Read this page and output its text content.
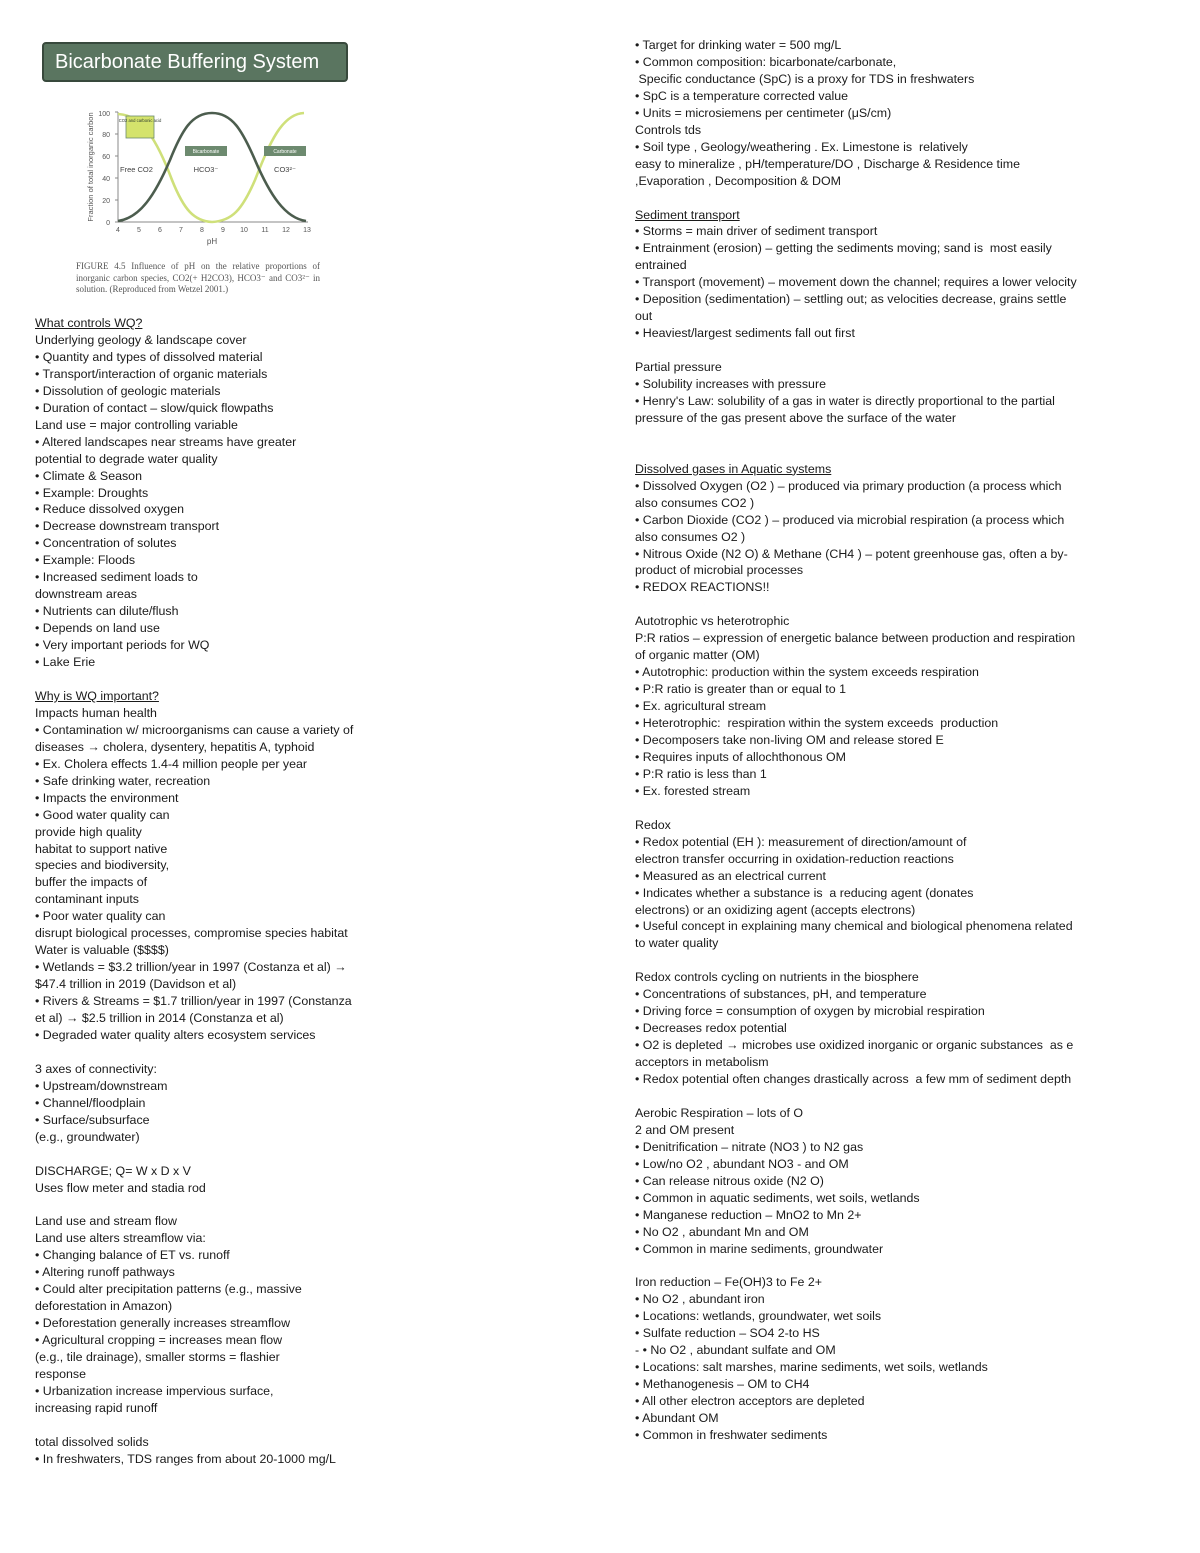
Bicarbonate Buffering System
0
20
40
60
80
100
4 5 6 7 8 9 10 11 12 13
pH
Fraction of total inorganic carbon	CO2 and carbonic acid
Bicarbonate	Carbonate
Free CO2	HCO3⁻	CO3²⁻
FIGURE 4.5 Influence of pH on the relative proportions of inorganic carbon species, CO2(+ H2CO3), HCO3⁻ and CO3²⁻ in solution. (Reproduced from Wetzel 2001.)
What controls WQ?
Underlying geology & landscape cover
• Quantity and types of dissolved material
• Transport/interaction of organic materials
• Dissolution of geologic materials
• Duration of contact – slow/quick flowpaths
Land use = major controlling variable
• Altered landscapes near streams have greater
potential to degrade water quality
• Climate & Season
• Example: Droughts
• Reduce dissolved oxygen
• Decrease downstream transport
• Concentration of solutes
• Example: Floods
• Increased sediment loads to
downstream areas
• Nutrients can dilute/flush
• Depends on land use
• Very important periods for WQ
• Lake Erie
Why is WQ important?
Impacts human health
• Contamination w/ microorganisms can cause a variety of
diseases → cholera, dysentery, hepatitis A, typhoid
• Ex. Cholera effects 1.4-4 million people per year
• Safe drinking water, recreation
• Impacts the environment
• Good water quality can
provide high quality
habitat to support native
species and biodiversity,
buffer the impacts of
contaminant inputs
• Poor water quality can
disrupt biological processes, compromise species habitat
Water is valuable ($$$$)
• Wetlands = $3.2 trillion/year in 1997 (Costanza et al) →
$47.4 trillion in 2019 (Davidson et al)
• Rivers & Streams = $1.7 trillion/year in 1997 (Constanza
et al) → $2.5 trillion in 2014 (Constanza et al)
• Degraded water quality alters ecosystem services
3 axes of connectivity:
• Upstream/downstream
• Channel/floodplain
• Surface/subsurface
(e.g., groundwater)
DISCHARGE; Q= W x D x V
Uses flow meter and stadia rod
Land use and stream flow
Land use alters streamflow via:
• Changing balance of ET vs. runoff
• Altering runoff pathways
• Could alter precipitation patterns (e.g., massive
deforestation in Amazon)
• Deforestation generally increases streamflow
• Agricultural cropping = increases mean flow
(e.g., tile drainage), smaller storms = flashier
response
• Urbanization increase impervious surface,
increasing rapid runoff
total dissolved solids
• In freshwaters, TDS ranges from about 20-1000 mg/L
• Target for drinking water = 500 mg/L
• Common composition: bicarbonate/carbonate,
Specific conductance (SpC) is a proxy for TDS in freshwaters
• SpC is a temperature corrected value
• Units = microsiemens per centimeter (μS/cm)
Controls tds
• Soil type , Geology/weathering . Ex. Limestone is  relatively
easy to mineralize , pH/temperature/DO , Discharge & Residence time
,Evaporation , Decomposition & DOM
Sediment transport
• Storms = main driver of sediment transport
• Entrainment (erosion) – getting the sediments moving; sand is  most easily
entrained
• Transport (movement) – movement down the channel; requires a lower velocity
• Deposition (sedimentation) – settling out; as velocities decrease, grains settle
out
• Heaviest/largest sediments fall out first
Partial pressure
• Solubility increases with pressure
• Henry's Law: solubility of a gas in water is directly proportional to the partial
pressure of the gas present above the surface of the water
Dissolved gases in Aquatic systems
• Dissolved Oxygen (O2 ) – produced via primary production (a process which
also consumes CO2 )
• Carbon Dioxide (CO2 ) – produced via microbial respiration (a process which
also consumes O2 )
• Nitrous Oxide (N2 O) & Methane (CH4 ) – potent greenhouse gas, often a by-
product of microbial processes
• REDOX REACTIONS!!
Autotrophic vs heterotrophic
P:R ratios – expression of energetic balance between production and respiration
of organic matter (OM)
• Autotrophic: production within the system exceeds respiration
• P:R ratio is greater than or equal to 1
• Ex. agricultural stream
• Heterotrophic:  respiration within the system exceeds  production
• Decomposers take non-living OM and release stored E
• Requires inputs of allochthonous OM
• P:R ratio is less than 1
• Ex. forested stream
Redox
• Redox potential (EH ): measurement of direction/amount of
electron transfer occurring in oxidation-reduction reactions
• Measured as an electrical current
• Indicates whether a substance is  a reducing agent (donates
electrons) or an oxidizing agent (accepts electrons)
• Useful concept in explaining many chemical and biological phenomena related
to water quality
Redox controls cycling on nutrients in the biosphere
• Concentrations of substances, pH, and temperature
• Driving force = consumption of oxygen by microbial respiration
• Decreases redox potential
• O2 is depleted → microbes use oxidized inorganic or organic substances  as e
acceptors in metabolism
• Redox potential often changes drastically across  a few mm of sediment depth
Aerobic Respiration – lots of O
2 and OM present
• Denitrification – nitrate (NO3 ) to N2 gas
• Low/no O2 , abundant NO3 - and OM
• Can release nitrous oxide (N2 O)
• Common in aquatic sediments, wet soils, wetlands
• Manganese reduction – MnO2 to Mn 2+
• No O2 , abundant Mn and OM
• Common in marine sediments, groundwater
Iron reduction – Fe(OH)3 to Fe 2+
• No O2 , abundant iron
• Locations: wetlands, groundwater, wet soils
• Sulfate reduction – SO4 2-to HS
- • No O2 , abundant sulfate and OM
• Locations: salt marshes, marine sediments, wet soils, wetlands
• Methanogenesis – OM to CH4
• All other electron acceptors are depleted
• Abundant OM
• Common in freshwater sediments
